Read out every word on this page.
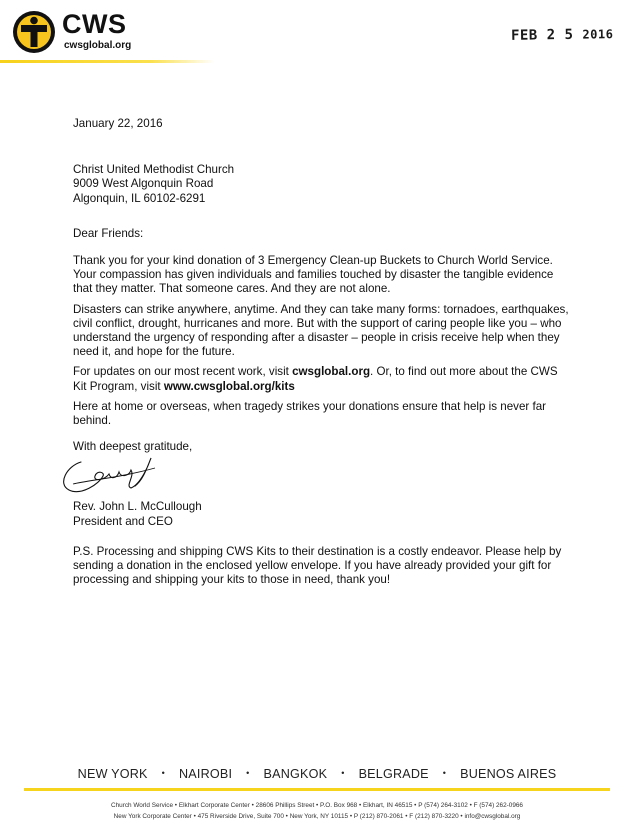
CWS
cwsglobal.org
FEB 2 5 2016

January 22, 2016

Christ United Methodist Church

9009 West Algonquin Road

Algonquin, IL 60102-6291

Dear Friends:

Thank you for your kind donation of 3 Emergency Clean-up Buckets to Church World Service. Your compassion has given individuals and families touched by disaster the tangible evidence that they matter. That someone cares. And they are not alone.

Disasters can strike anywhere, anytime. And they can take many forms: tornadoes, earthquakes, civil conflict, drought, hurricanes and more. But with the support of caring people like you – who understand the urgency of responding after a disaster – people in crisis receive help when they need it, and hope for the future.

For updates on our most recent work, visit cwsglobal.org. Or, to find out more about the CWS Kit Program, visit www.cwsglobal.org/kits

Here at home or overseas, when tragedy strikes your donations ensure that help is never far behind.

With deepest gratitude,

Rev. John L. McCullough

President and CEO

P.S. Processing and shipping CWS Kits to their destination is a costly endeavor. Please help by sending a donation in the enclosed yellow envelope. If you have already provided your gift for processing and shipping your kits to those in need, thank you!

NEW YORK • NAIROBI • BANGKOK • BELGRADE • BUENOS AIRES
Church World Service • Elkhart Corporate Center • 28606 Phillips Street • P.O. Box 968 • Elkhart, IN 46515 • P (574) 264-3102 • F (574) 262-0966
New York Corporate Center • 475 Riverside Drive, Suite 700 • New York, NY 10115 • P (212) 870-2061 • F (212) 870-3220 • info@cwsglobal.org
